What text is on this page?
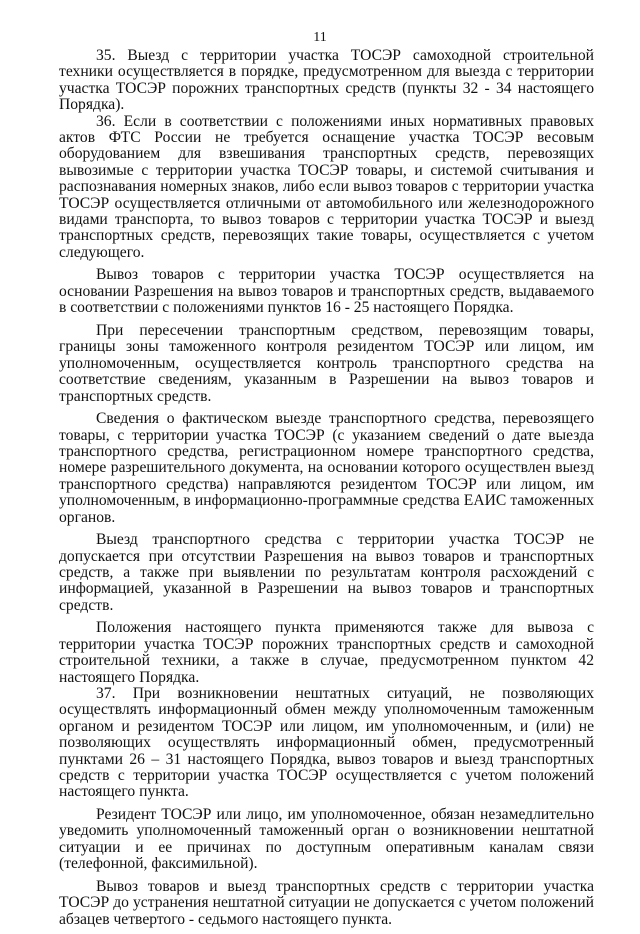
11

35. Выезд с территории участка ТОСЭР самоходной строительной техники осуществляется в порядке, предусмотренном для выезда с территории участка ТОСЭР порожних транспортных средств (пункты 32 - 34 настоящего Порядка).

36. Если в соответствии с положениями иных нормативных правовых актов ФТС России не требуется оснащение участка ТОСЭР весовым оборудованием для взвешивания транспортных средств, перевозящих вывозимые с территории участка ТОСЭР товары, и системой считывания и распознавания номерных знаков, либо если вывоз товаров с территории участка ТОСЭР осуществляется отличными от автомобильного или железнодорожного видами транспорта, то вывоз товаров с территории участка ТОСЭР и выезд транспортных средств, перевозящих такие товары, осуществляется с учетом следующего.

Вывоз товаров с территории участка ТОСЭР осуществляется на основании Разрешения на вывоз товаров и транспортных средств, выдаваемого в соответствии с положениями пунктов 16 - 25 настоящего Порядка.

При пересечении транспортным средством, перевозящим товары, границы зоны таможенного контроля резидентом ТОСЭР или лицом, им уполномоченным, осуществляется контроль транспортного средства на соответствие сведениям, указанным в Разрешении на вывоз товаров и транспортных средств.

Сведения о фактическом выезде транспортного средства, перевозящего товары, с территории участка ТОСЭР (с указанием сведений о дате выезда транспортного средства, регистрационном номере транспортного средства, номере разрешительного документа, на основании которого осуществлен выезд транспортного средства) направляются резидентом ТОСЭР или лицом, им уполномоченным, в информационно-программные средства ЕАИС таможенных органов.

Выезд транспортного средства с территории участка ТОСЭР не допускается при отсутствии Разрешения на вывоз товаров и транспортных средств, а также при выявлении по результатам контроля расхождений с информацией, указанной в Разрешении на вывоз товаров и транспортных средств.

Положения настоящего пункта применяются также для вывоза с территории участка ТОСЭР порожних транспортных средств и самоходной строительной техники, а также в случае, предусмотренном пунктом 42 настоящего Порядка.

37. При возникновении нештатных ситуаций, не позволяющих осуществлять информационный обмен между уполномоченным таможенным органом и резидентом ТОСЭР или лицом, им уполномоченным, и (или) не позволяющих осуществлять информационный обмен, предусмотренный пунктами 26 – 31 настоящего Порядка, вывоз товаров и выезд транспортных средств с территории участка ТОСЭР осуществляется с учетом положений настоящего пункта.

Резидент ТОСЭР или лицо, им уполномоченное, обязан незамедлительно уведомить уполномоченный таможенный орган о возникновении нештатной ситуации и ее причинах по доступным оперативным каналам связи (телефонной, факсимильной).

Вывоз товаров и выезд транспортных средств с территории участка ТОСЭР до устранения нештатной ситуации не допускается с учетом положений абзацев четвертого - седьмого настоящего пункта.
